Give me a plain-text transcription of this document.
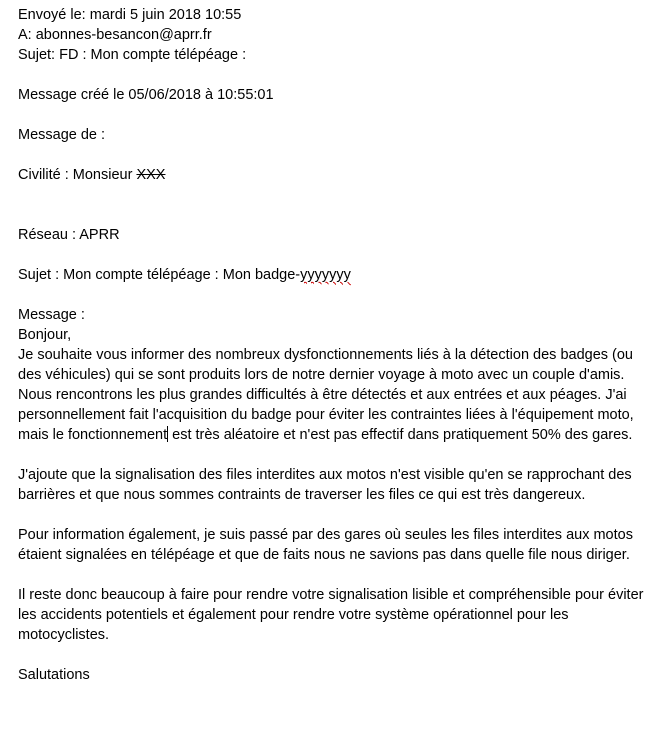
Envoyé le: mardi 5 juin 2018 10:55
A: abonnes-besancon@aprr.fr
Sujet: FD : Mon compte télépéage :
Message créé le 05/06/2018 à 10:55:01
Message de :
Civilité : Monsieur XXX
Réseau : APRR
Sujet : Mon compte télépéage : Mon badge-yyyyyyy
Message :
Bonjour,

Je souhaite vous informer des nombreux dysfonctionnements liés à la détection des badges (ou des véhicules) qui se sont produits lors de notre dernier voyage à moto avec un couple d'amis. Nous rencontrons les plus grandes difficultés à être détectés et aux entrées et aux péages. J'ai personnellement fait l'acquisition du badge pour éviter les contraintes liées à l'équipement moto, mais le fonctionnement est très aléatoire et n'est pas effectif dans pratiquement 50% des gares.

J'ajoute que la signalisation des files interdites aux motos n'est visible qu'en se rapprochant des barrières et que nous sommes contraints de traverser les files ce qui est très dangereux.

Pour information également, je suis passé par des gares où seules les files interdites aux motos étaient signalées en télépéage et que de faits nous ne savions pas dans quelle file nous diriger.

Il reste donc beaucoup à faire pour rendre votre signalisation lisible et compréhensible pour éviter les accidents potentiels et également pour rendre votre système opérationnel pour les motocyclistes.

Salutations
